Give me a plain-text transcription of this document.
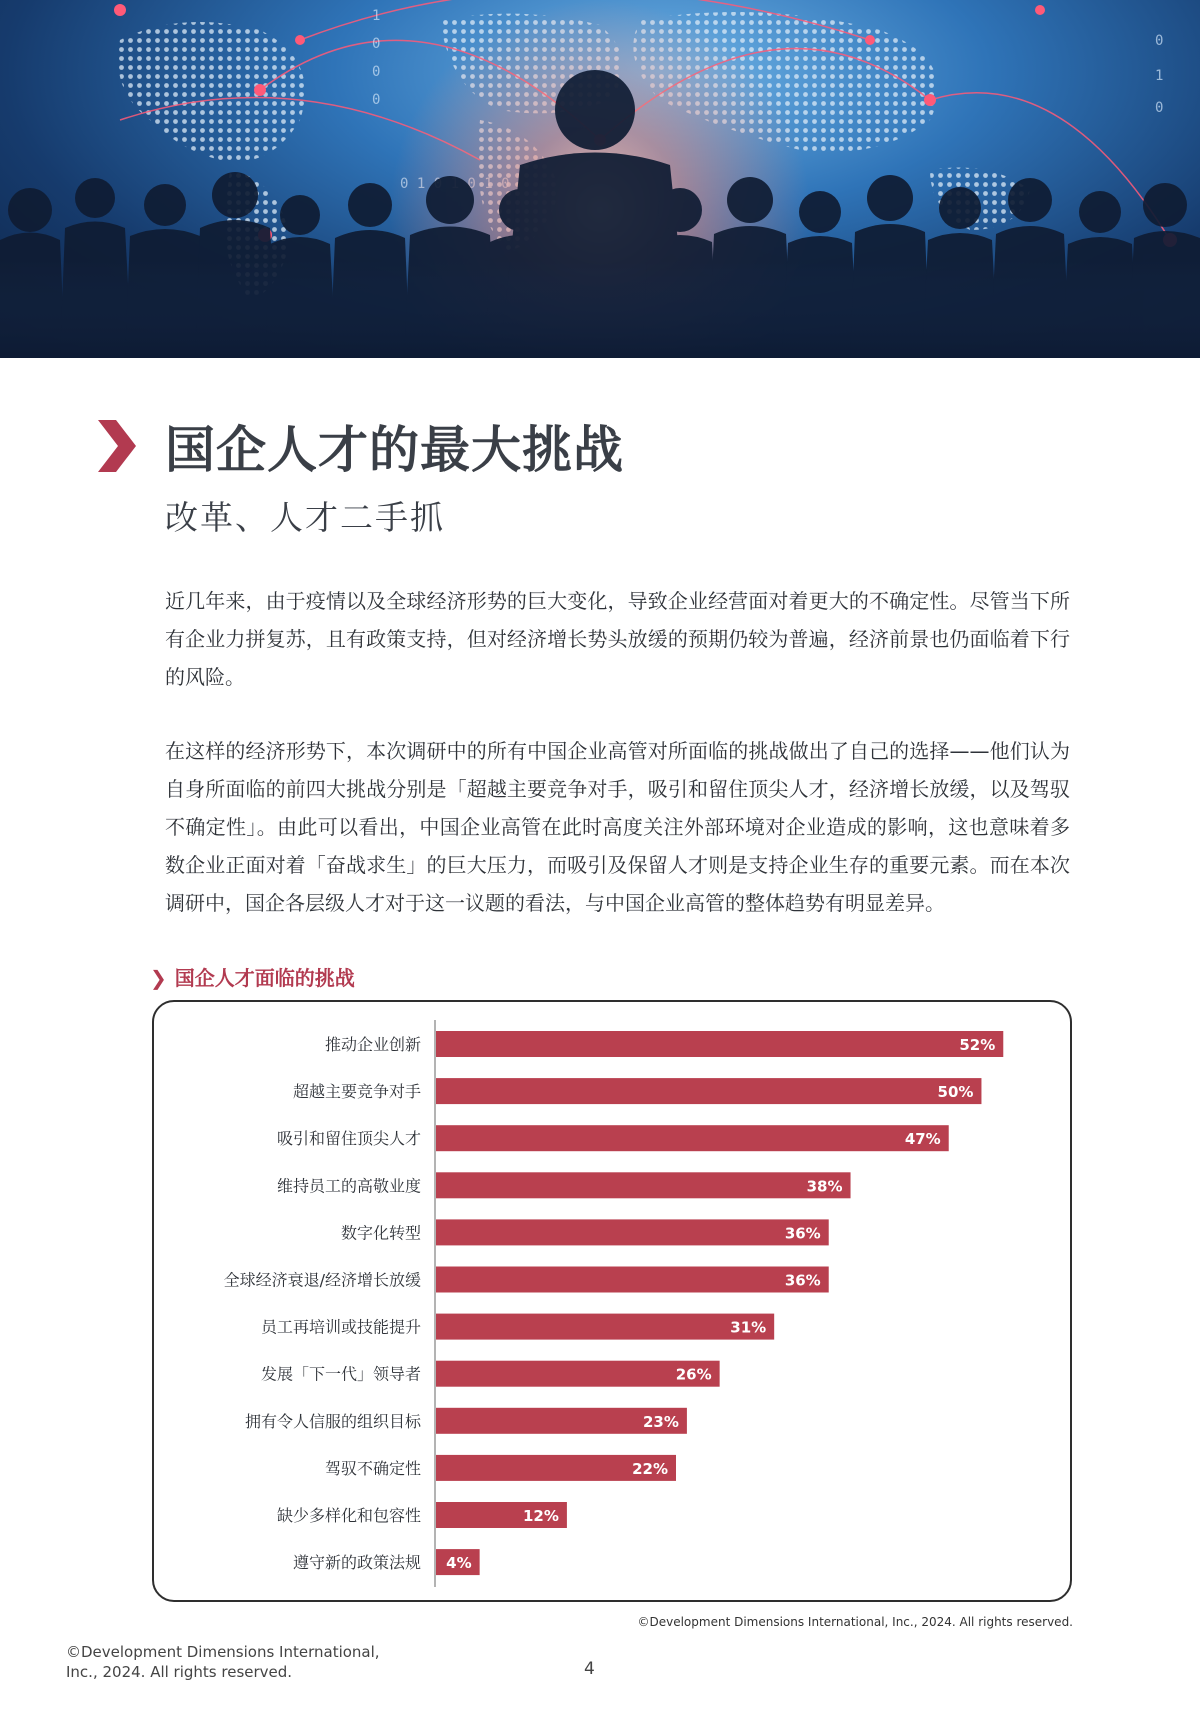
1
0
0
0
0
1
0
国企人才的最大挑战
改革、人才二手抓

近几年来，由于疫情以及全球经济形势的巨大变化，导致企业经营面对着更大的不确定性。尽管当下所有企业力拼复苏，且有政策支持，但对经济增长势头放缓的预期仍较为普遍，经济前景也仍面临着下行的风险。

在这样的经济形势下，本次调研中的所有中国企业高管对所面临的挑战做出了自己的选择——他们认为自身所面临的前四大挑战分别是「超越主要竞争对手，吸引和留住顶尖人才，经济增长放缓，以及驾驭不确定性」。由此可以看出，中国企业高管在此时高度关注外部环境对企业造成的影响，这也意味着多数企业正面对着「奋战求生」的巨大压力，而吸引及保留人才则是支持企业生存的重要元素。而在本次调研中，国企各层级人才对于这一议题的看法，与中国企业高管的整体趋势有明显差异。

❯ 国企人才面临的挑战

推动企业创新	52%
超越主要竞争对手	50%
吸引和留住顶尖人才	47%
维持员工的高敬业度	38%
数字化转型	36%
全球经济衰退/经济增长放缓	36%
员工再培训或技能提升	31%
发展「下一代」领导者	26%
拥有令人信服的组织目标	23%
驾驭不确定性	22%
缺少多样化和包容性	12%
遵守新的政策法规 4%

©Development Dimensions International, Inc., 2024. All rights reserved.

©Development Dimensions International, Inc., 2024. All rights reserved.	4
